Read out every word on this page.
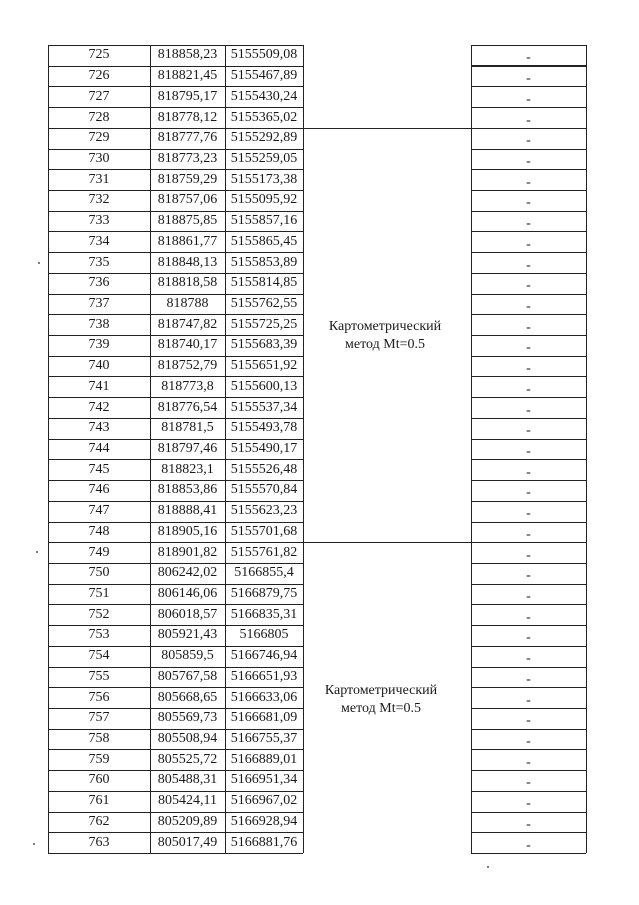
725	818858,23 5155509,08	-
726	818821,45 5155467,89	-
727	818795,17 5155430,24	-
728	818778,12 5155365,02	-
729	818777,76 5155292,89	-
730	818773,23 5155259,05	-
731	818759,29 5155173,38	-
732	818757,06 5155095,92	-
733	818875,85 5155857,16	-
734	818861,77 5155865,45	-
735	818848,13 5155853,89	-
736	818818,58 5155814,85	-
737	818788	5155762,55	-
738	818747,82 5155725,25	-
739	818740,17 5155683,39	-
740	818752,79 5155651,92	-
741	818773,8	5155600,13	-
742	818776,54 5155537,34	-
743	818781,5	5155493,78	-
744	818797,46 5155490,17	-
745	818823,1	5155526,48	-
746	818853,86 5155570,84	-
747	818888,41 5155623,23	-
748	818905,16 5155701,68	-
749	818901,82 5155761,82	-
750	806242,02	5166855,4	-
751	806146,06 5166879,75	-
752	806018,57 5166835,31	-
753	805921,43	5166805	-
754	805859,5	5166746,94	-
755	805767,58 5166651,93	-
756	805668,65 5166633,06	-
757	805569,73 5166681,09	-
758	805508,94 5166755,37	-
759	805525,72 5166889,01	-
760	805488,31 5166951,34	-
761	805424,11 5166967,02	-
762	805209,89 5166928,94	-
763	805017,49 5166881,76	-
Картометрический
метод Mt=0.5
Картометрический
метод Mt=0.5
